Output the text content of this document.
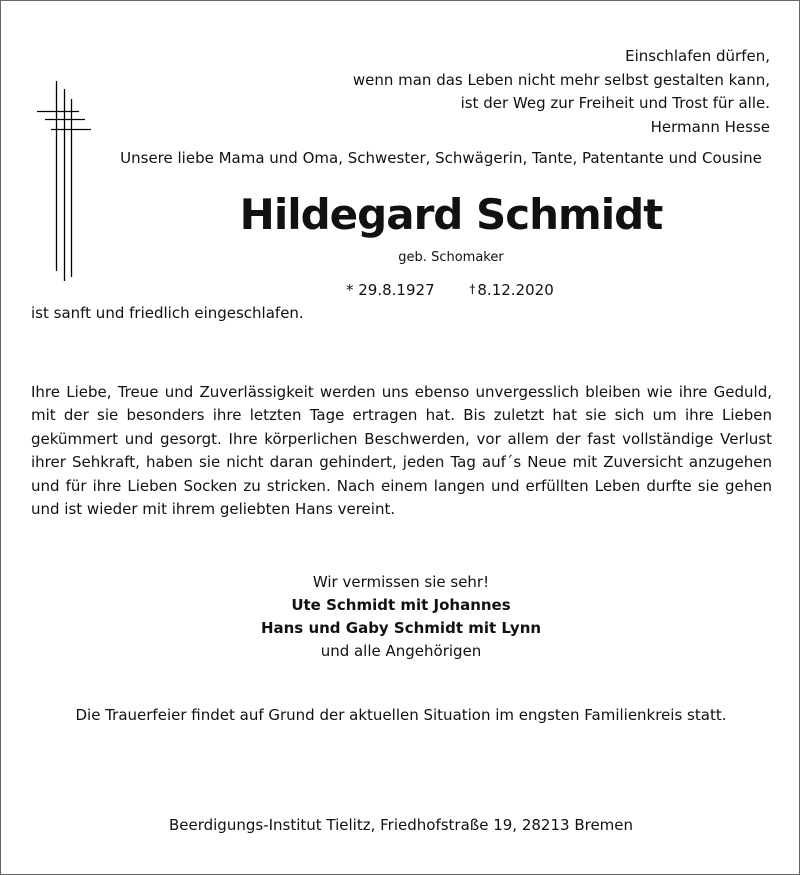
Einschlafen dürfen,
wenn man das Leben nicht mehr selbst gestalten kann,
ist der Weg zur Freiheit und Trost für alle.
Hermann Hesse
Unsere liebe Mama und Oma, Schwester, Schwägerin, Tante, Patentante und Cousine
Hildegard Schmidt
geb. Schomaker
* 29.8.1927	† 8.12.2020
ist sanft und friedlich eingeschlafen.
Ihre Liebe, Treue und Zuverlässigkeit werden uns ebenso unvergesslich bleiben wie ihre Geduld,
mit der sie besonders ihre letzten Tage ertragen hat. Bis zuletzt hat sie sich um ihre Lieben
gekümmert und gesorgt. Ihre körperlichen Beschwerden, vor allem der fast vollständige Verlust
ihrer Sehkraft, haben sie nicht daran gehindert, jeden Tag auf´s Neue mit Zuversicht anzugehen
und für ihre Lieben Socken zu stricken. Nach einem langen und erfüllten Leben durfte sie gehen
und ist wieder mit ihrem geliebten Hans vereint.
Wir vermissen sie sehr!
Ute Schmidt mit Johannes
Hans und Gaby Schmidt mit Lynn
und alle Angehörigen
Die Trauerfeier findet auf Grund der aktuellen Situation im engsten Familienkreis statt.
Beerdigungs-Institut Tielitz, Friedhofstraße 19, 28213 Bremen
